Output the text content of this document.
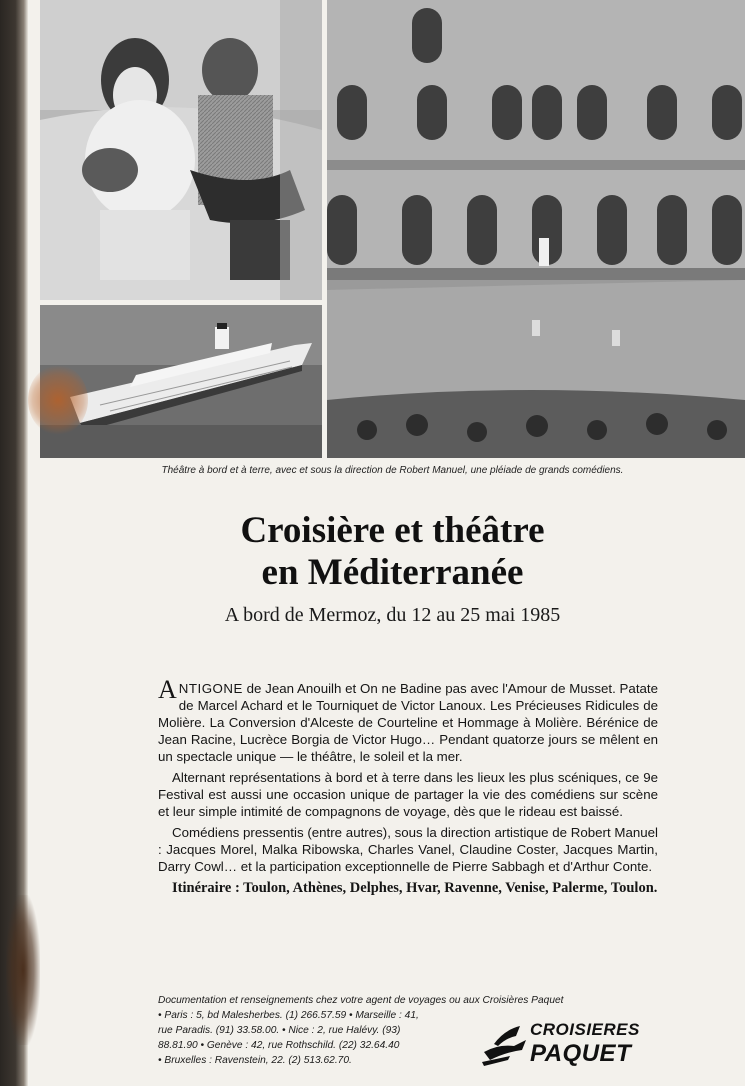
Théâtre à bord et à terre, avec et sous la direction de Robert Manuel, une pléiade de grands comédiens.
Croisière et théâtre
en Méditerranée
A bord de Mermoz, du 12 au 25 mai 1985

ANTIGONE de Jean Anouilh et On ne Badine pas avec l'Amour de Musset. Patate de Marcel Achard et le Tourniquet de Victor Lanoux. Les Précieuses Ridicules de Molière. La Conversion d'Alceste de Courteline et Hommage à Molière. Bérénice de Jean Racine, Lucrèce Borgia de Victor Hugo… Pendant quatorze jours se mêlent en un spectacle unique — le théâtre, le soleil et la mer.

Alternant représentations à bord et à terre dans les lieux les plus scéniques, ce 9e Festival est aussi une occasion unique de partager la vie des comédiens sur scène et leur simple intimité de compagnons de voyage, dès que le rideau est baissé.

Comédiens pressentis (entre autres), sous la direction artistique de Robert Manuel : Jacques Morel, Malka Ribowska, Charles Vanel, Claudine Coster, Jacques Martin, Darry Cowl… et la participation exceptionnelle de Pierre Sabbagh et d'Arthur Conte.

Itinéraire : Toulon, Athènes, Delphes, Hvar, Ravenne, Venise, Palerme, Toulon.

Documentation et renseignements chez votre agent de voyages ou aux Croisières Paquet
• Paris : 5, bd Malesherbes. (1) 266.57.59 • Marseille : 41,
rue Paradis. (91) 33.58.00. • Nice : 2, rue Halévy. (93)
88.81.90 • Genève : 42, rue Rothschild. (22) 32.64.40
• Bruxelles : Ravenstein, 22. (2) 513.62.70.
CROISIERES
PAQUET
